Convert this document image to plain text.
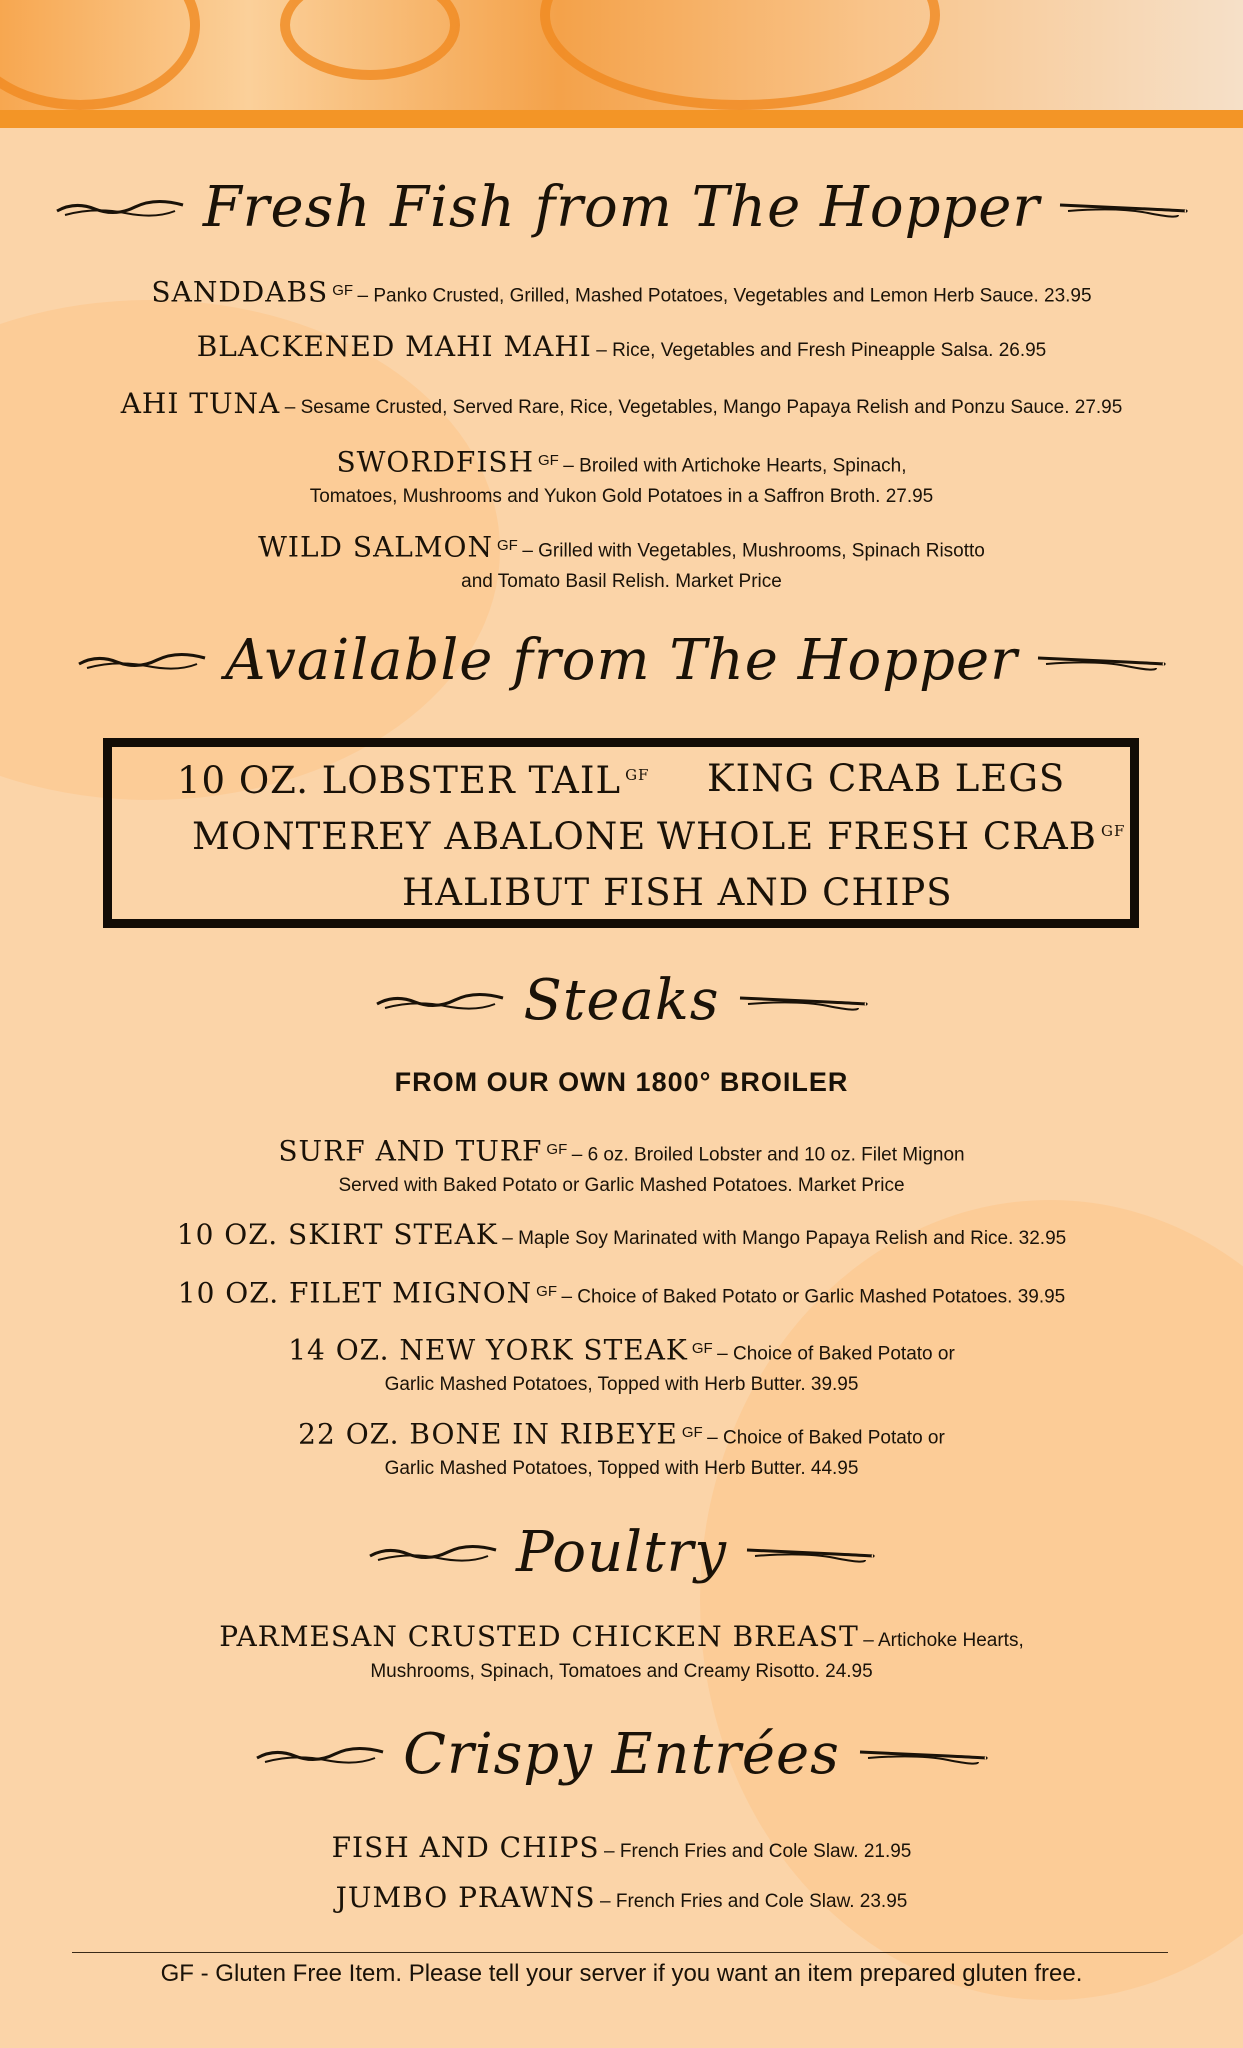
Fresh Fish from The Hopper
SANDDABS GF – Panko Crusted, Grilled, Mashed Potatoes, Vegetables and Lemon Herb Sauce. 23.95
BLACKENED MAHI MAHI – Rice, Vegetables and Fresh Pineapple Salsa. 26.95
AHI TUNA – Sesame Crusted, Served Rare, Rice, Vegetables, Mango Papaya Relish and Ponzu Sauce. 27.95
SWORDFISH GF – Broiled with Artichoke Hearts, Spinach,
Tomatoes, Mushrooms and Yukon Gold Potatoes in a Saffron Broth. 27.95
WILD SALMON GF – Grilled with Vegetables, Mushrooms, Spinach Risotto
and Tomato Basil Relish. Market Price
Available from The Hopper
10 OZ. LOBSTER TAIL $^{GF}$ KING CRAB LEGS
MONTEREY ABALONE WHOLE FRESH CRAB $^{GF}$
HALIBUT FISH AND CHIPS
Steaks
FROM OUR OWN 1800° BROILER
SURF AND TURF GF – 6 oz. Broiled Lobster and 10 oz. Filet Mignon
Served with Baked Potato or Garlic Mashed Potatoes. Market Price
10 OZ. SKIRT STEAK – Maple Soy Marinated with Mango Papaya Relish and Rice. 32.95
10 OZ. FILET MIGNON GF – Choice of Baked Potato or Garlic Mashed Potatoes. 39.95
14 OZ. NEW YORK STEAK GF – Choice of Baked Potato or
Garlic Mashed Potatoes, Topped with Herb Butter. 39.95
22 OZ. BONE IN RIBEYE GF – Choice of Baked Potato or
Garlic Mashed Potatoes, Topped with Herb Butter. 44.95
Poultry
PARMESAN CRUSTED CHICKEN BREAST – Artichoke Hearts,
Mushrooms, Spinach, Tomatoes and Creamy Risotto. 24.95
Crispy Entrées
FISH AND CHIPS – French Fries and Cole Slaw. 21.95
JUMBO PRAWNS – French Fries and Cole Slaw. 23.95
GF - Gluten Free Item. Please tell your server if you want an item prepared gluten free.
